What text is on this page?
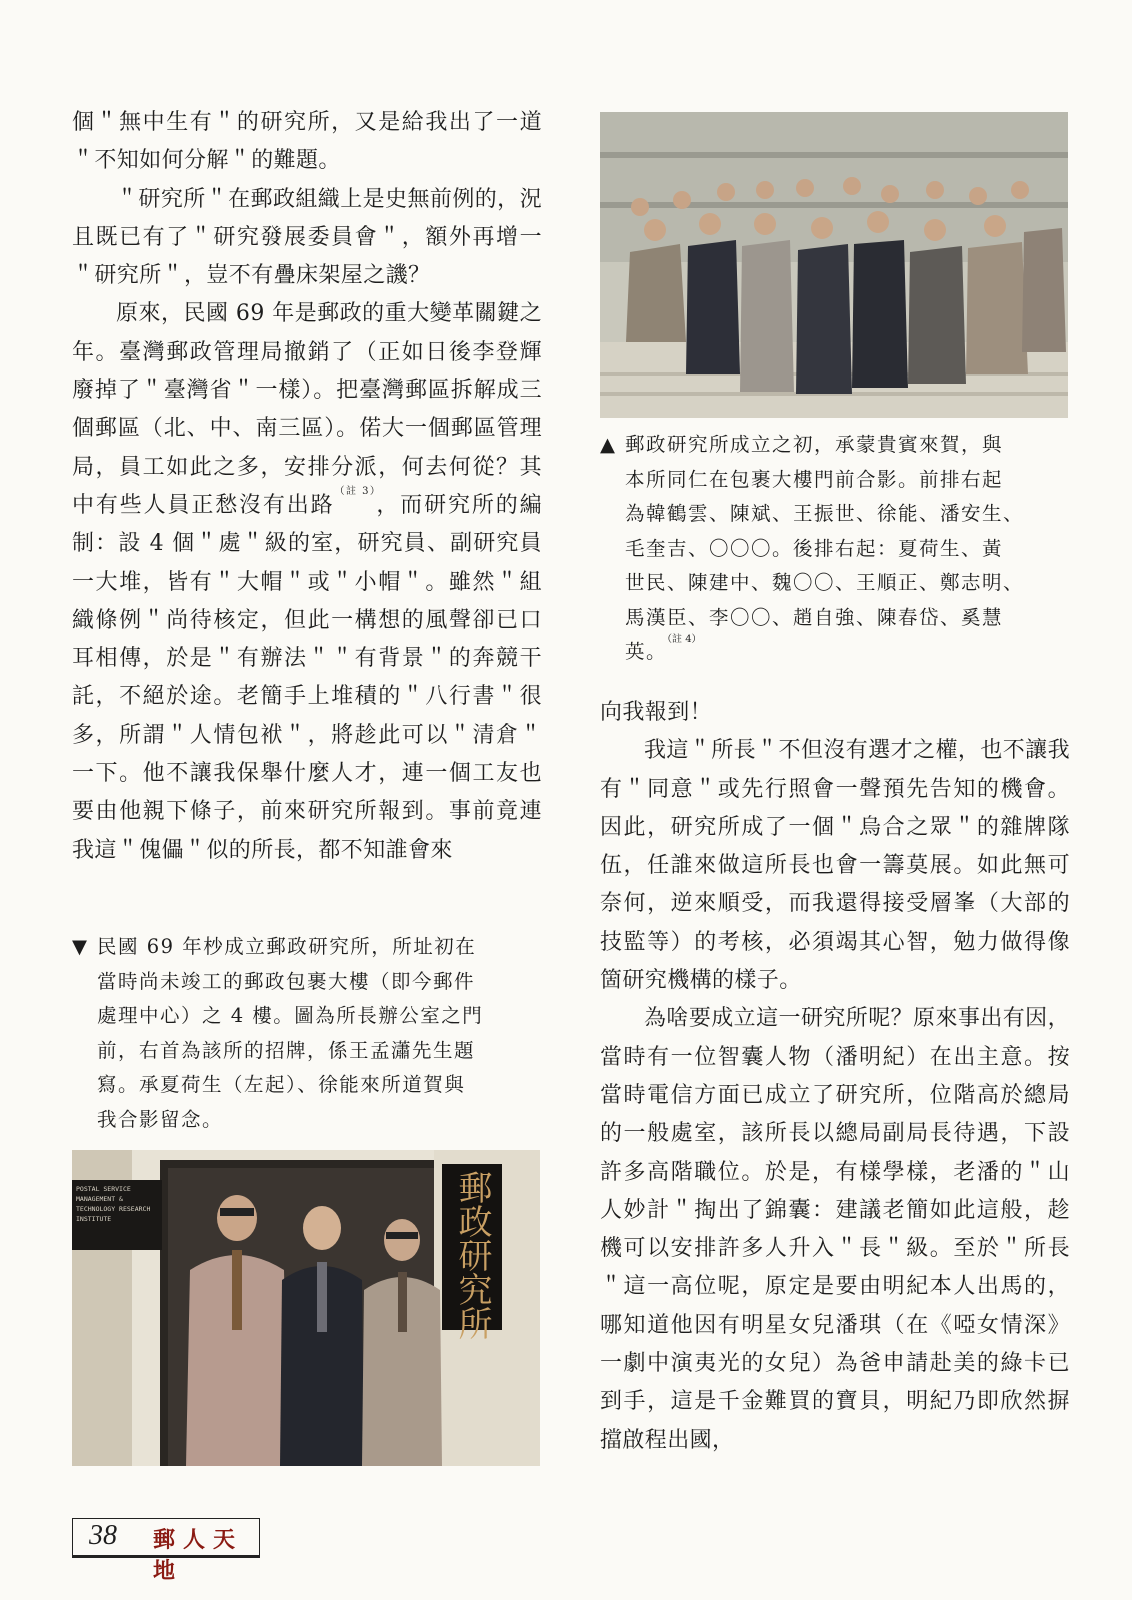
個＂無中生有＂的研究所，又是給我出了一道＂不知如何分解＂的難題。

＂研究所＂在郵政組織上是史無前例的，況且既已有了＂研究發展委員會＂，額外再增一＂研究所＂，豈不有疊床架屋之譏？

原來，民國 69 年是郵政的重大變革關鍵之年。臺灣郵政管理局撤銷了（正如日後李登輝廢掉了＂臺灣省＂一樣）。把臺灣郵區拆解成三個郵區（北、中、南三區）。偌大一個郵區管理局，員工如此之多，安排分派，何去何從？其中有些人員正愁沒有出路$^{(註 3)}$，而研究所的編制：設 4 個＂處＂級的室，研究員、副研究員一大堆，皆有＂大帽＂或＂小帽＂。雖然＂組織條例＂尚待核定，但此一構想的風聲卻已口耳相傳，於是＂有辦法＂＂有背景＂的奔競干託，不絕於途。老簡手上堆積的＂八行書＂很多，所謂＂人情包袱＂，將趁此可以＂清倉＂一下。他不讓我保舉什麼人才，連一個工友也要由他親下條子，前來研究所報到。事前竟連我這＂傀儡＂似的所長，都不知誰會來

▼ 民國 69 年杪成立郵政研究所，所址初在
當時尚未竣工的郵政包裹大樓（即今郵件
處理中心）之 4 樓。圖為所長辦公室之門
前，右首為該所的招牌，係王孟瀟先生題
寫。承夏荷生（左起）、徐能來所道賀與
我合影留念。

POSTAL SERVICE MANAGEMENT & TECHNOLOGY RESEARCH INSTITUTE	郵政研究所

▲ 郵政研究所成立之初，承蒙貴賓來賀，與
本所同仁在包裹大樓門前合影。前排右起
為韓鶴雲、陳斌、王振世、徐能、潘安生、
毛奎吉、〇〇〇。後排右起：夏荷生、黃
世民、陳建中、魏〇〇、王順正、鄭志明、
馬漢臣、李〇〇、趙自強、陳春岱、奚慧
英。$^{(註 4)}$

向我報到！

我這＂所長＂不但沒有選才之權，也不讓我有＂同意＂或先行照會一聲預先告知的機會。因此，研究所成了一個＂烏合之眾＂的雜牌隊伍，任誰來做這所長也會一籌莫展。如此無可奈何，逆來順受，而我還得接受層峯（大部的技監等）的考核，必須竭其心智，勉力做得像箇研究機構的樣子。

為啥要成立這一研究所呢？原來事出有因，當時有一位智囊人物（潘明紀）在出主意。按當時電信方面已成立了研究所，位階高於總局的一般處室，該所長以總局副局長待遇，下設許多高階職位。於是，有樣學樣，老潘的＂山人妙計＂掏出了錦囊：建議老簡如此這般，趁機可以安排許多人升入＂長＂級。至於＂所長＂這一高位呢，原定是要由明紀本人出馬的，哪知道他因有明星女兒潘琪（在《啞女情深》一劇中演夷光的女兒）為爸申請赴美的綠卡已到手，這是千金難買的寶貝，明紀乃即欣然摒擋啟程出國，

38 郵人天地
